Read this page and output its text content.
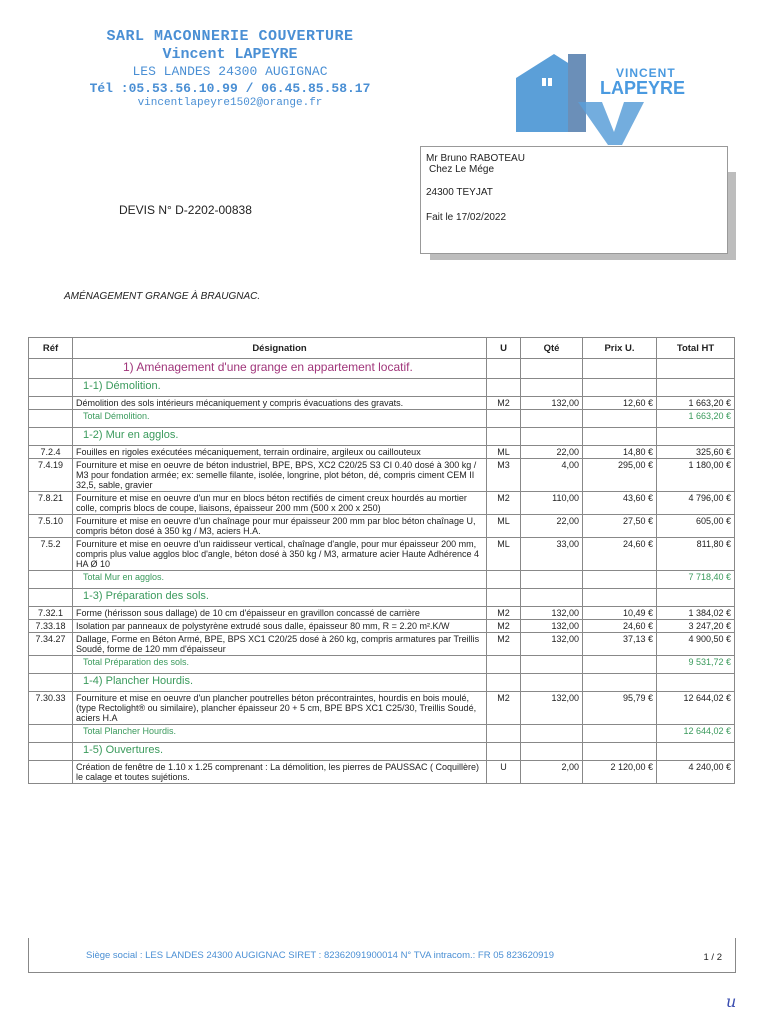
SARL MACONNERIE COUVERTURE
Vincent LAPEYRE
LES LANDES 24300 AUGIGNAC
Tél :05.53.56.10.99 / 06.45.85.58.17
vincentlapeyre1502@orange.fr
VINCENT
LAPEYRE
Mr Bruno RABOTEAU
Chez Le Mége
24300 TEYJAT
Fait le 17/02/2022
DEVIS N° D-2202-00838
AMÉNAGEMENT GRANGE À BRAUGNAC.
Réf	Désignation	U	Qté	Prix U.	Total HT
	1) Aménagement d'une grange en appartement locatif.				
	1-1) Démolition.				
	Démolition des sols intérieurs mécaniquement y compris évacuations des gravats.	M2	132,00	12,60 €	1 663,20 €
	Total Démolition.				1 663,20 €
	1-2) Mur en agglos.				
7.2.4	Fouilles en rigoles exécutées mécaniquement, terrain ordinaire, argileux ou caillouteux	ML	22,00	14,80 €	325,60 €
7.4.19	Fourniture et mise en oeuvre de béton industriel, BPE, BPS, XC2 C20/25 S3 CI 0.40 dosé à 300 kg / M3 pour fondation armée; ex: semelle filante, isolée, longrine, plot béton, dé, compris ciment CEM II 32,5, sable, gravier	M3	4,00	295,00 €	1 180,00 €
7.8.21	Fourniture et mise en oeuvre d'un mur en blocs béton rectifiés de ciment creux hourdés au mortier colle, compris blocs de coupe, liaisons, épaisseur 200 mm (500 x 200 x 250)	M2	110,00	43,60 €	4 796,00 €
7.5.10	Fourniture et mise en oeuvre d'un chaînage pour mur épaisseur 200 mm par bloc béton chaînage U, compris béton dosé à 350 kg / M3, aciers H.A.	ML	22,00	27,50 €	605,00 €
7.5.2	Fourniture et mise en oeuvre d'un raidisseur vertical, chaînage d'angle, pour mur épaisseur 200 mm, compris plus value agglos bloc d'angle, béton dosé à 350 kg / M3, armature acier Haute Adhérence 4 HA Ø 10	ML	33,00	24,60 €	811,80 €
	Total Mur en agglos.				7 718,40 €
	1-3) Préparation des sols.				
7.32.1	Forme (hérisson sous dallage) de 10 cm d'épaisseur en gravillon concassé de carrière	M2	132,00	10,49 €	1 384,02 €
7.33.18	Isolation par panneaux de polystyrène extrudé sous dalle, épaisseur 80 mm, R = 2.20 m².K/W	M2	132,00	24,60 €	3 247,20 €
7.34.27	Dallage, Forme en Béton Armé, BPE, BPS XC1 C20/25 dosé à 260 kg, compris armatures par Treillis Soudé, forme de 120 mm d'épaisseur	M2	132,00	37,13 €	4 900,50 €
	Total Préparation des sols.				9 531,72 €
	1-4) Plancher Hourdis.				
7.30.33	Fourniture et mise en oeuvre d'un plancher poutrelles béton précontraintes, hourdis en bois moulé, (type Rectolight® ou similaire), plancher épaisseur 20 + 5 cm, BPE BPS XC1 C25/30, Treillis Soudé, aciers H.A	M2	132,00	95,79 €	12 644,02 €
	Total Plancher Hourdis.				12 644,02 €
	1-5) Ouvertures.				
	Création de fenêtre de 1.10 x 1.25 comprenant : La démolition, les pierres de PAUSSAC ( Coquillère) le calage et toutes sujétions.	U	2,00	2 120,00 €	4 240,00 €
Siège social : LES LANDES 24300 AUGIGNAC SIRET : 82362091900014 N° TVA intracom.: FR 05 823620919	1 / 2
u
